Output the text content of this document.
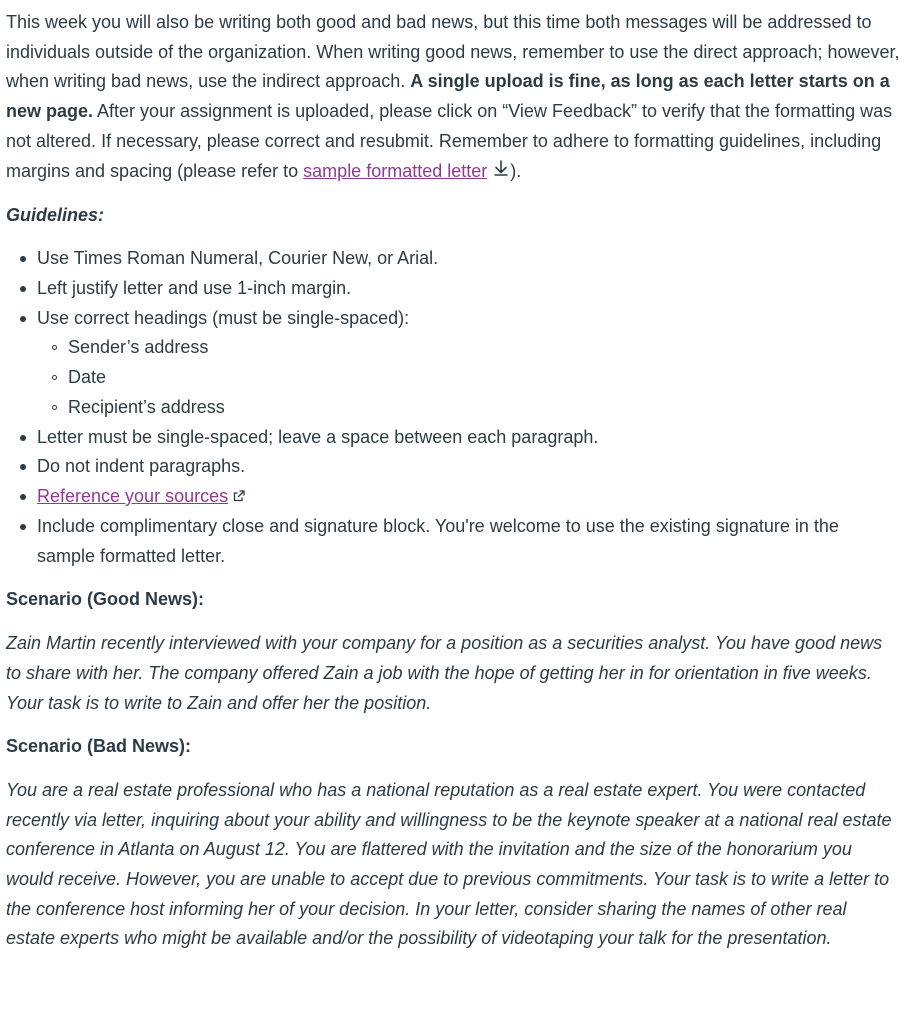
This week you will also be writing both good and bad news, but this time both messages will be addressed to individuals outside of the organization. When writing good news, remember to use the direct approach; however, when writing bad news, use the indirect approach. A single upload is fine, as long as each letter starts on a new page. After your assignment is uploaded, please click on “View Feedback” to verify that the formatting was not altered. If necessary, please correct and resubmit. Remember to adhere to formatting guidelines, including margins and spacing (please refer to sample formatted letter ).

Guidelines:

Use Times Roman Numeral, Courier New, or Arial.
Left justify letter and use 1-inch margin.
Use correct headings (must be single-spaced):
Sender’s address
Date
Recipient’s address
Letter must be single-spaced; leave a space between each paragraph.
Do not indent paragraphs.
Reference your sources
Include complimentary close and signature block. You're welcome to use the existing signature in the sample formatted letter.

Scenario (Good News):

Zain Martin recently interviewed with your company for a position as a securities analyst. You have good news to share with her. The company offered Zain a job with the hope of getting her in for orientation in five weeks. Your task is to write to Zain and offer her the position.

Scenario (Bad News):

You are a real estate professional who has a national reputation as a real estate expert. You were contacted recently via letter, inquiring about your ability and willingness to be the keynote speaker at a national real estate conference in Atlanta on August 12. You are flattered with the invitation and the size of the honorarium you would receive. However, you are unable to accept due to previous commitments. Your task is to write a letter to the conference host informing her of your decision. In your letter, consider sharing the names of other real estate experts who might be available and/or the possibility of videotaping your talk for the presentation.
